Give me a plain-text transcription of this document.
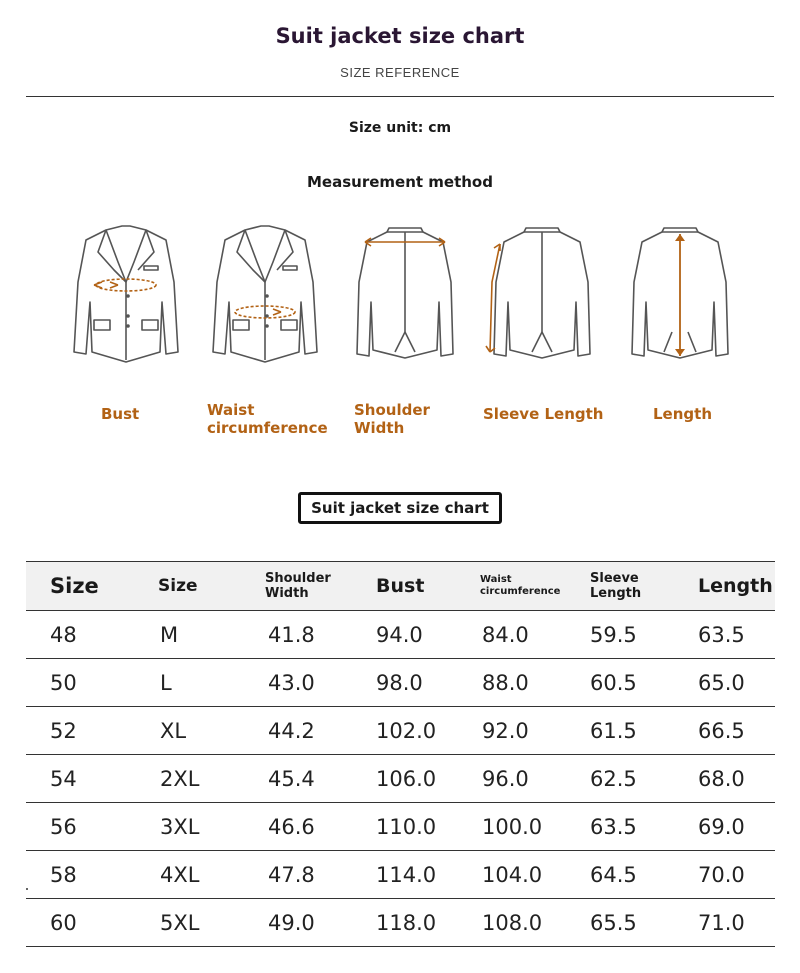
Suit jacket size chart
SIZE REFERENCE
Size unit: cm
Measurement method
Bust	Waist circumference
Shoulder Width
Sleeve Length	Length
Suit jacket size chart
Size	Size	Shoulder Width	Bust	Waist circumference	Sleeve Length	Length
48	M	41.8	94.0	84.0	59.5	63.5
50	L	43.0	98.0	88.0	60.5	65.0
52	XL	44.2	102.0	92.0	61.5	66.5
54	2XL	45.4	106.0	96.0	62.5	68.0
56	3XL	46.6	110.0	100.0	63.5	69.0
58	4XL	47.8	114.0	104.0	64.5	70.0
60	5XL	49.0	118.0	108.0	65.5	71.0
